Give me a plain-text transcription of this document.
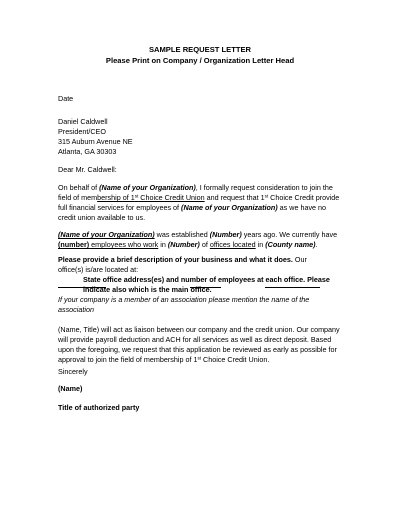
SAMPLE REQUEST LETTER
Please Print on Company / Organization Letter Head
Date
Daniel Caldwell
President/CEO
315 Auburn Avenue NE
Atlanta, GA 30303
Dear Mr. Caldwell:
On behalf of (Name of your Organization), I formally request consideration to join the
field of membership of 1st Choice Credit Union and request that 1st Choice Credit provide
full financial services for employees of (Name of your Organization) as we have no
credit union available to us.
(Name of your Organization) was established (Number) years ago. We currently have
(number) employees who work in (Number) of offices located in (County name).
Please provide a brief description of your business and what it does. Our
office(s) is/are located at:
State office address(es) and number of employees at each office. Please
indicate also which is the main office.
If your company is a member of an association please mention the name of the
association
(Name, Title) will act as liaison between our company and the credit union. Our company
will provide payroll deduction and ACH for all services as well as direct deposit. Based
upon the foregoing, we request that this application be reviewed as early as possible for
approval to join the field of membership of 1st Choice Credit Union.
Sincerely
(Name)
Title of authorized party
